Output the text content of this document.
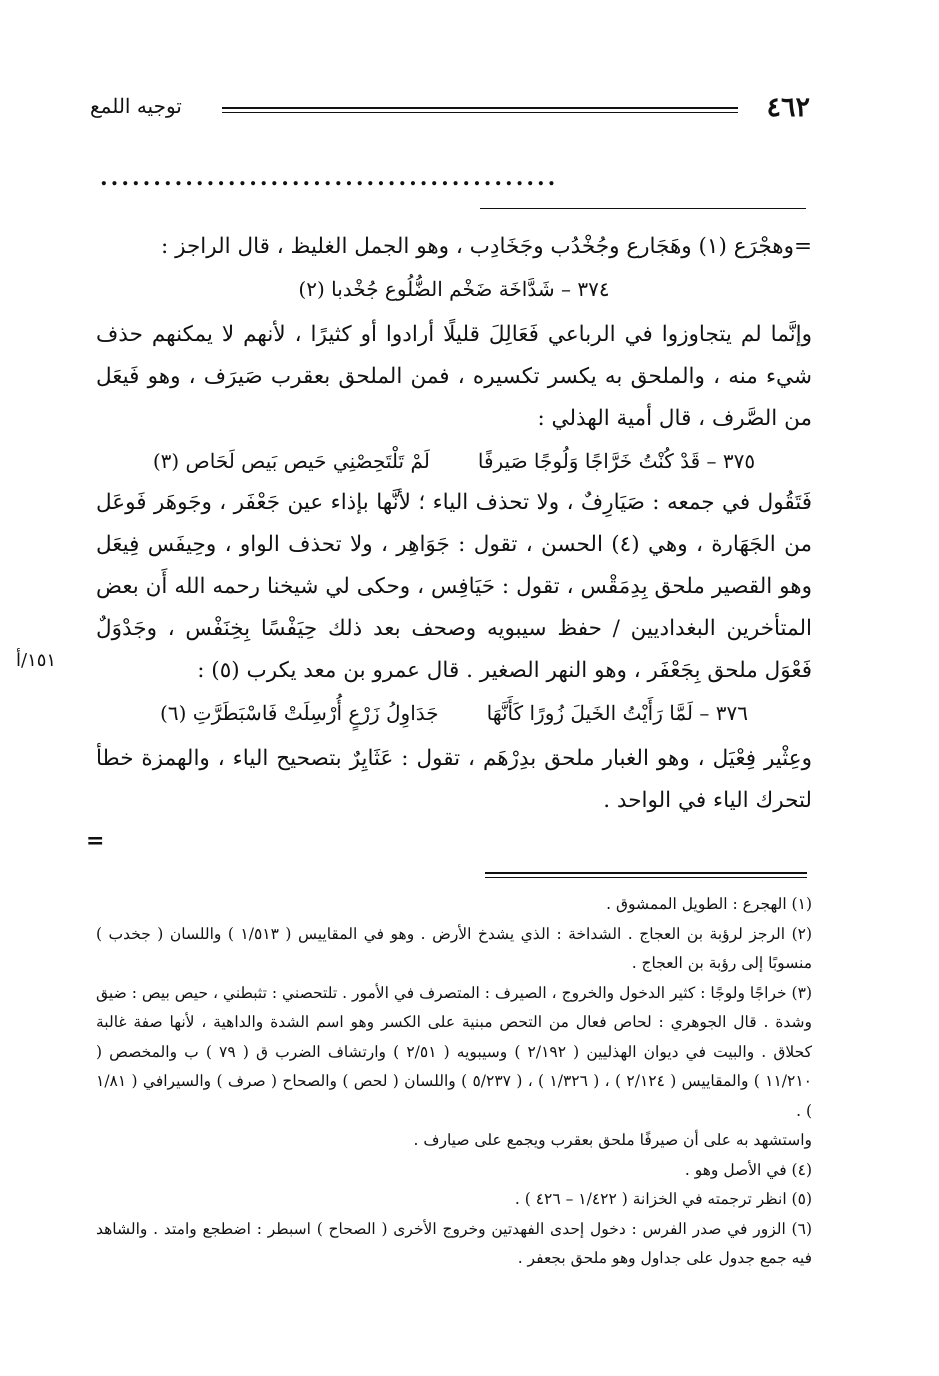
٤٦٢
توجيه اللمع
...........................................

=وهجْرَع (١) وهَجَارع وجُخْدُب وجَخَادِب ، وهو الجمل الغليظ ، قال الراجز :

٣٧٤ – شَدَّاخَة ضَخْم الضُّلُوع جُخْدبا (٢)

وإنَّما لم يتجاوزوا في الرباعي فَعَالِلَ قليلًا أرادوا أو كثيرًا ، لأنهم لا يمكنهم حذف شيء منه ، والملحق به يكسر تكسيره ، فمن الملحق بعقرب صَيرَف ، وهو فَيعَل من الصَّرف ، قال أمية الهذلي :

٣٧٥ – قَدْ كُنْتُ خَرَّاجًا وَلُوجًا صَيرفًالَمْ تَلْتَحِصْنِي حَيص بَيص لَحَاص (٣)

فَتَقُول في جمعه : صَيَارِفٌ ، ولا تحذف الياء ؛ لأنَّها بإذاء عين جَعْفَر ، وجَوهَر فَوعَل من الجَهَارة ، وهي (٤) الحسن ، تقول : جَوَاهِر ، ولا تحذف الواو ، وحِيفَس فِيعَل وهو القصير ملحق بِدِمَقْس ، تقول : حَيَافِس ، وحكى لي شيخنا رحمه الله أَن بعض المتأخرين البغداديين / حفظ سيبويه وصحف بعد ذلك حِيَفْسًا بِخِنَفْس ، وجَدْوَلٌ فَعْوَل ملحق بِجَعْفَر ، وهو النهر الصغير . قال عمرو بن معد يكرب (٥) :

٣٧٦ – لَمَّا رَأَيْتُ الخَيلَ زُورًا كَأَنَّهَاجَدَاوِلُ زَرْعٍ أُرْسِلَتْ فَاسْبَطَرَّتِ (٦)

وعِثْير فِعْيَل ، وهو الغبار ملحق بدِرْهَم ، تقول : عَثَايِرٌ بتصحيح الياء ، والهمزة خطأ لتحرك الياء في الواحد .

١٥١/أ
=

(١) الهجرع : الطويل الممشوق .

(٢) الرجز لرؤبة بن العجاج . الشداخة : الذي يشدخ الأرض . وهو في المقاييس ( ١/٥١٣ ) واللسان ( جخدب ) منسوبًا إلى رؤبة بن العجاج .

(٣) خراجًا ولوجًا : كثير الدخول والخروج ، الصيرف : المتصرف في الأمور . تلتحصني : تثبطني ، حيص بيص : ضيق وشدة . قال الجوهري : لحاص فعال من التحص مبنية على الكسر وهو اسم الشدة والداهية ، لأنها صفة غالبة كحلاق . والبيت في ديوان الهذليين ( ٢/١٩٢ ) وسيبويه ( ٢/٥١ ) وارتشاف الضرب ق ( ٧٩ ) ب والمخصص ( ١١/٢١٠ ) والمقاييس ( ٢/١٢٤ ) ، ( ١/٣٢٦ ) ، ( ٥/٢٣٧ ) واللسان ( لحص ) والصحاح ( صرف ) والسيرافي ( ١/٨١ ) .

واستشهد به على أن صيرفًا ملحق بعقرب ويجمع على صيارف .

(٤) في الأصل وهو .

(٥) انظر ترجمته في الخزانة ( ١/٤٢٢ – ٤٢٦ ) .

(٦) الزور في صدر الفرس : دخول إحدى الفهدتين وخروج الأخرى ( الصحاح ) اسبطر : اضطجع وامتد . والشاهد فيه جمع جدول على جداول وهو ملحق بجعفر .
